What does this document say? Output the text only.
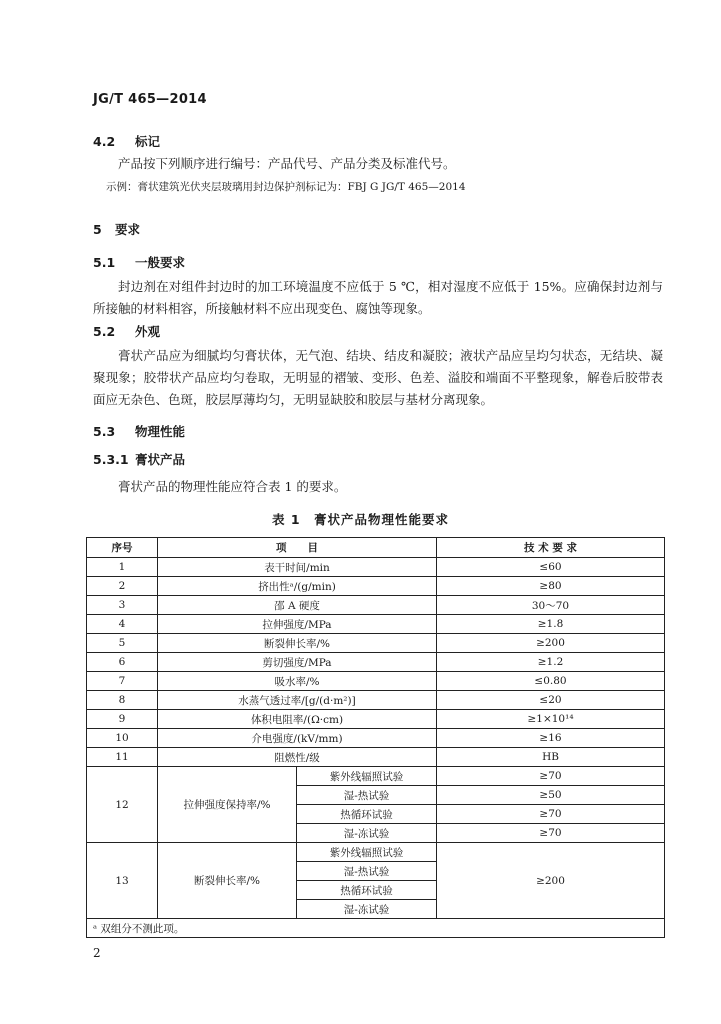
JG/T 465—2014
4.2 标记
产品按下列顺序进行编号：产品代号、产品分类及标准代号。
示例：膏状建筑光伏夹层玻璃用封边保护剂标记为：FBJ G JG/T 465—2014
5 要求
5.1 一般要求
封边剂在对组件封边时的加工环境温度不应低于 5 ℃，相对湿度不应低于 15%。应确保封边剂与所接触的材料相容，所接触材料不应出现变色、腐蚀等现象。
5.2 外观
膏状产品应为细腻均匀膏状体，无气泡、结块、结皮和凝胶；液状产品应呈均匀状态，无结块、凝聚现象；胶带状产品应均匀卷取，无明显的褶皱、变形、色差、溢胶和端面不平整现象，解卷后胶带表面应无杂色、色斑，胶层厚薄均匀，无明显缺胶和胶层与基材分离现象。
5.3 物理性能
5.3.1 膏状产品
膏状产品的物理性能应符合表 1 的要求。
表 1　膏状产品物理性能要求
序号	项　　目		技 术 要 求
1	表干时间/min		≤60
2	挤出性ᵃ/(g/min)		≥80
3	邵 A 硬度		30～70
4	拉伸强度/MPa		≥1.8
5	断裂伸长率/%		≥200
6	剪切强度/MPa		≥1.2
7	吸水率/%		≤0.80
8	水蒸气透过率/[g/(d·m²)]		≤20
9	体积电阻率/(Ω·cm)		≥1×10¹⁴
10	介电强度/(kV/mm)		≥16
11	阻燃性/级		HB
12	拉伸强度保持率/%	紫外线辐照试验	≥70
		湿-热试验	≥50
		热循环试验	≥70
		湿-冻试验	≥70
13	断裂伸长率/%	紫外线辐照试验	≥200
		湿-热试验	
		热循环试验	
		湿-冻试验	
ᵃ 双组分不测此项。			
2
